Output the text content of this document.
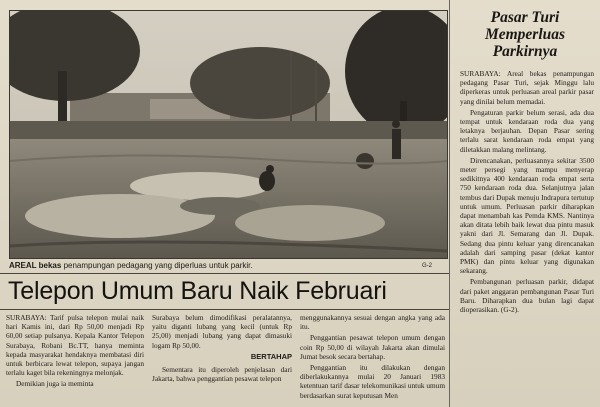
AREAL bekas penampungan pedagang yang diperluas untuk parkir.	G-2
Pasar Turi
Memperluas
Parkirnya

SURABAYA: Areal bekas penampungan pedagang Pasar Turi, sejak Minggu lalu diperkeras untuk perluasan areal parkir pasar yang dinilai belum memadai.

Pengaturan parkir belum serasi, ada dua tempat untuk kendaraan roda dua yang letaknya berjauhan. Depan Pasar sering terlalu sarat kendaraan roda empat yang diletakkan malang melintang.

Direncanakan, perluasannya sekitar 3500 meter persegi yang mampu menyerap sedikitnya 400 kendaraan roda empat serta 750 kendaraan roda dua. Selanjutnya jalan tembus dari Dupak menuju Indrapura tertutup untuk umum. Perluasan parkir diharapkan dapat menambah kas Pemda KMS. Nantinya akan ditata lebih baik lewat dua pintu masuk yakni dari Jl. Semarang dan Jl. Dupak. Sedang dua pintu keluar yang direncanakan adalah dari samping pasar (dekat kantor PMK) dan pintu keluar yang digunakan sekarang.

Pembangunan perluasan parkir, didapat dari paket anggaran pembangunan Pasar Turi Baru. Diharapkan dua bulan lagi dapat dioperasikan. (G-2).

Telepon Umum Baru Naik Februari

SURABAYA: Tarif pulsa telepon mulai naik hari Kamis ini, dari Rp 50,00 menjadi Rp 60,00 setiap pulsanya. Kepala Kantor Telepon Surabaya, Robani Bc.TT, hanya meminta kepada masyarakat hendaknya membatasi diri untuk berbicara lewat telepon, supaya jangan terlalu kaget bila rekeningnya melonjak.

Demikian juga ia meminta

Surabaya belum dimodifikasi peralatannya, yaitu diganti lubang yang kecil (untuk Rp 25,00) menjadi lubang yang dapat dimasuki logam Rp 50,00.

BERTAHAP

Sementara itu diperoleh penjelasan dari Jakarta, bahwa penggantian pesawat telepon

menggunakannya sesuai dengan angka yang ada itu.

Penggantian pesawat telepon umum dengan coin Rp 50,00 di wilayah Jakarta akan dimulai Jumat besok secara bertahap.

Penggantian itu dilakukan dengan diberlakukannya mulai 20 Januari 1983 ketentuan tarif dasar telekomunikasi untuk umum berdasarkan surat keputusan Men
